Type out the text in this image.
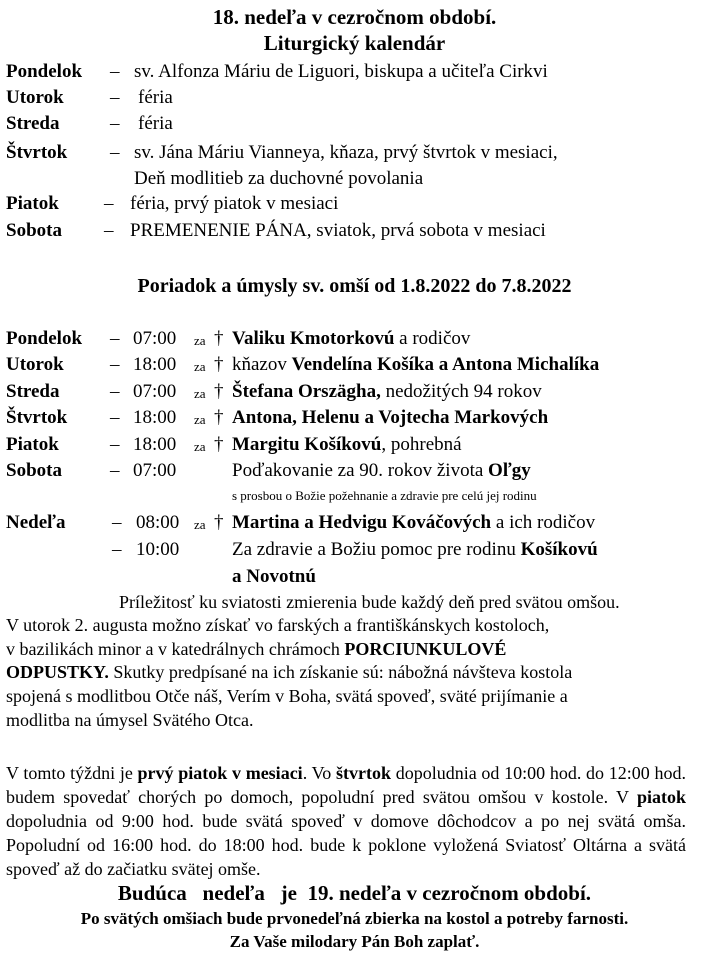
18. nedeľa v cezročnom období.
Liturgický kalendár
Pondelok – sv. Alfonza Máriu de Liguori, biskupa a učiteľa Cirkvi
Utorok – féria
Streda	– féria
Štvrtok – sv. Jána Máriu Vianneya, kňaza, prvý štvrtok v mesiaci,
Deň modlitieb za duchovné povolania
Piatok – féria, prvý piatok v mesiaci
Sobota – PREMENENIE PÁNA, sviatok, prvá sobota v mesiaci
Poriadok a úmysly sv. omší od 1.8.2022 do 7.8.2022
Pondelok – 07:00 za † Valiku Kmotorkovú a rodičov
Utorok – 18:00 za † kňazov Vendelína Košíka a Antona Michalíka
Streda	– 07:00 za † Štefana Orszägha, nedožitých 94 rokov
Štvrtok – 18:00 za † Antona, Helenu a Vojtecha Markových
Piatok	– 18:00 za † Margitu Košíkovú, pohrebná
Sobota	– 07:00	Poďakovanie za 90. rokov života Oľgy
s prosbou o Božie požehnanie a zdravie pre celú jej rodinu
Nedeľa – 08:00 za † Martina a Hedvigu Kováčových a ich rodičov
– 10:00	Za zdravie a Božiu pomoc pre rodinu Košíkovú
a Novotnú
Príležitosť ku sviatosti zmierenia bude každý deň pred svätou omšou.
V utorok 2. augusta možno získať vo farských a františkánskych kostoloch,
v bazilikách minor a v katedrálnych chrámoch PORCIUNKULOVÉ
ODPUSTKY. Skutky predpísané na ich získanie sú: nábožná návšteva kostola
spojená s modlitbou Otče náš, Verím v Boha, svätá spoveď, sväté prijímanie a
modlitba na úmysel Svätého Otca.
V tomto týždni je prvý piatok v mesiaci. Vo štvrtok dopoludnia od 10:00 hod. do 12:00 hod. budem spovedať chorých po domoch, popoludní pred svätou omšou v kostole. V piatok dopoludnia od 9:00 hod. bude svätá spoveď v domove dôchodcov a po nej svätá omša. Popoludní od 16:00 hod. do 18:00 hod. bude k poklone vyložená Sviatosť Oltárna a svätá spoveď až do začiatku svätej omše.
Budúca   nedeľa   je  19. nedeľa v cezročnom období.
Po svätých omšiach bude prvonedeľná zbierka na kostol a potreby farnosti.
Za Vaše milodary Pán Boh zaplať.
